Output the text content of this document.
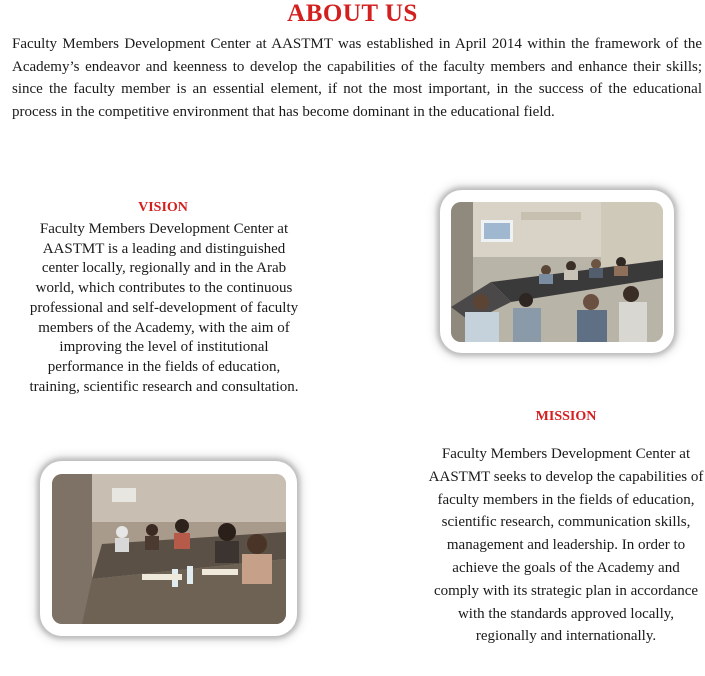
ABOUT US

Faculty Members Development Center at AASTMT was established in April 2014 within the framework of the Academy’s endeavor and keenness to develop the capabilities of the faculty members and enhance their skills; since the faculty member is an essential element, if not the most important, in the success of the educational process in the competitive environment that has become dominant in the educational field.

VISION

Faculty Members Development Center at AASTMT is a leading and distinguished center locally, regionally and in the Arab world, which contributes to the continuous professional and self-development of faculty members of the Academy, with the aim of improving the level of institutional performance in the fields of education, training, scientific research and consultation.

MISSION

Faculty Members Development Center at AASTMT seeks to develop the capabilities of faculty members in the fields of education, scientific research, communication skills, management and leadership. In order to achieve the goals of the Academy and comply with its strategic plan in accordance with the standards approved locally, regionally and internationally.
